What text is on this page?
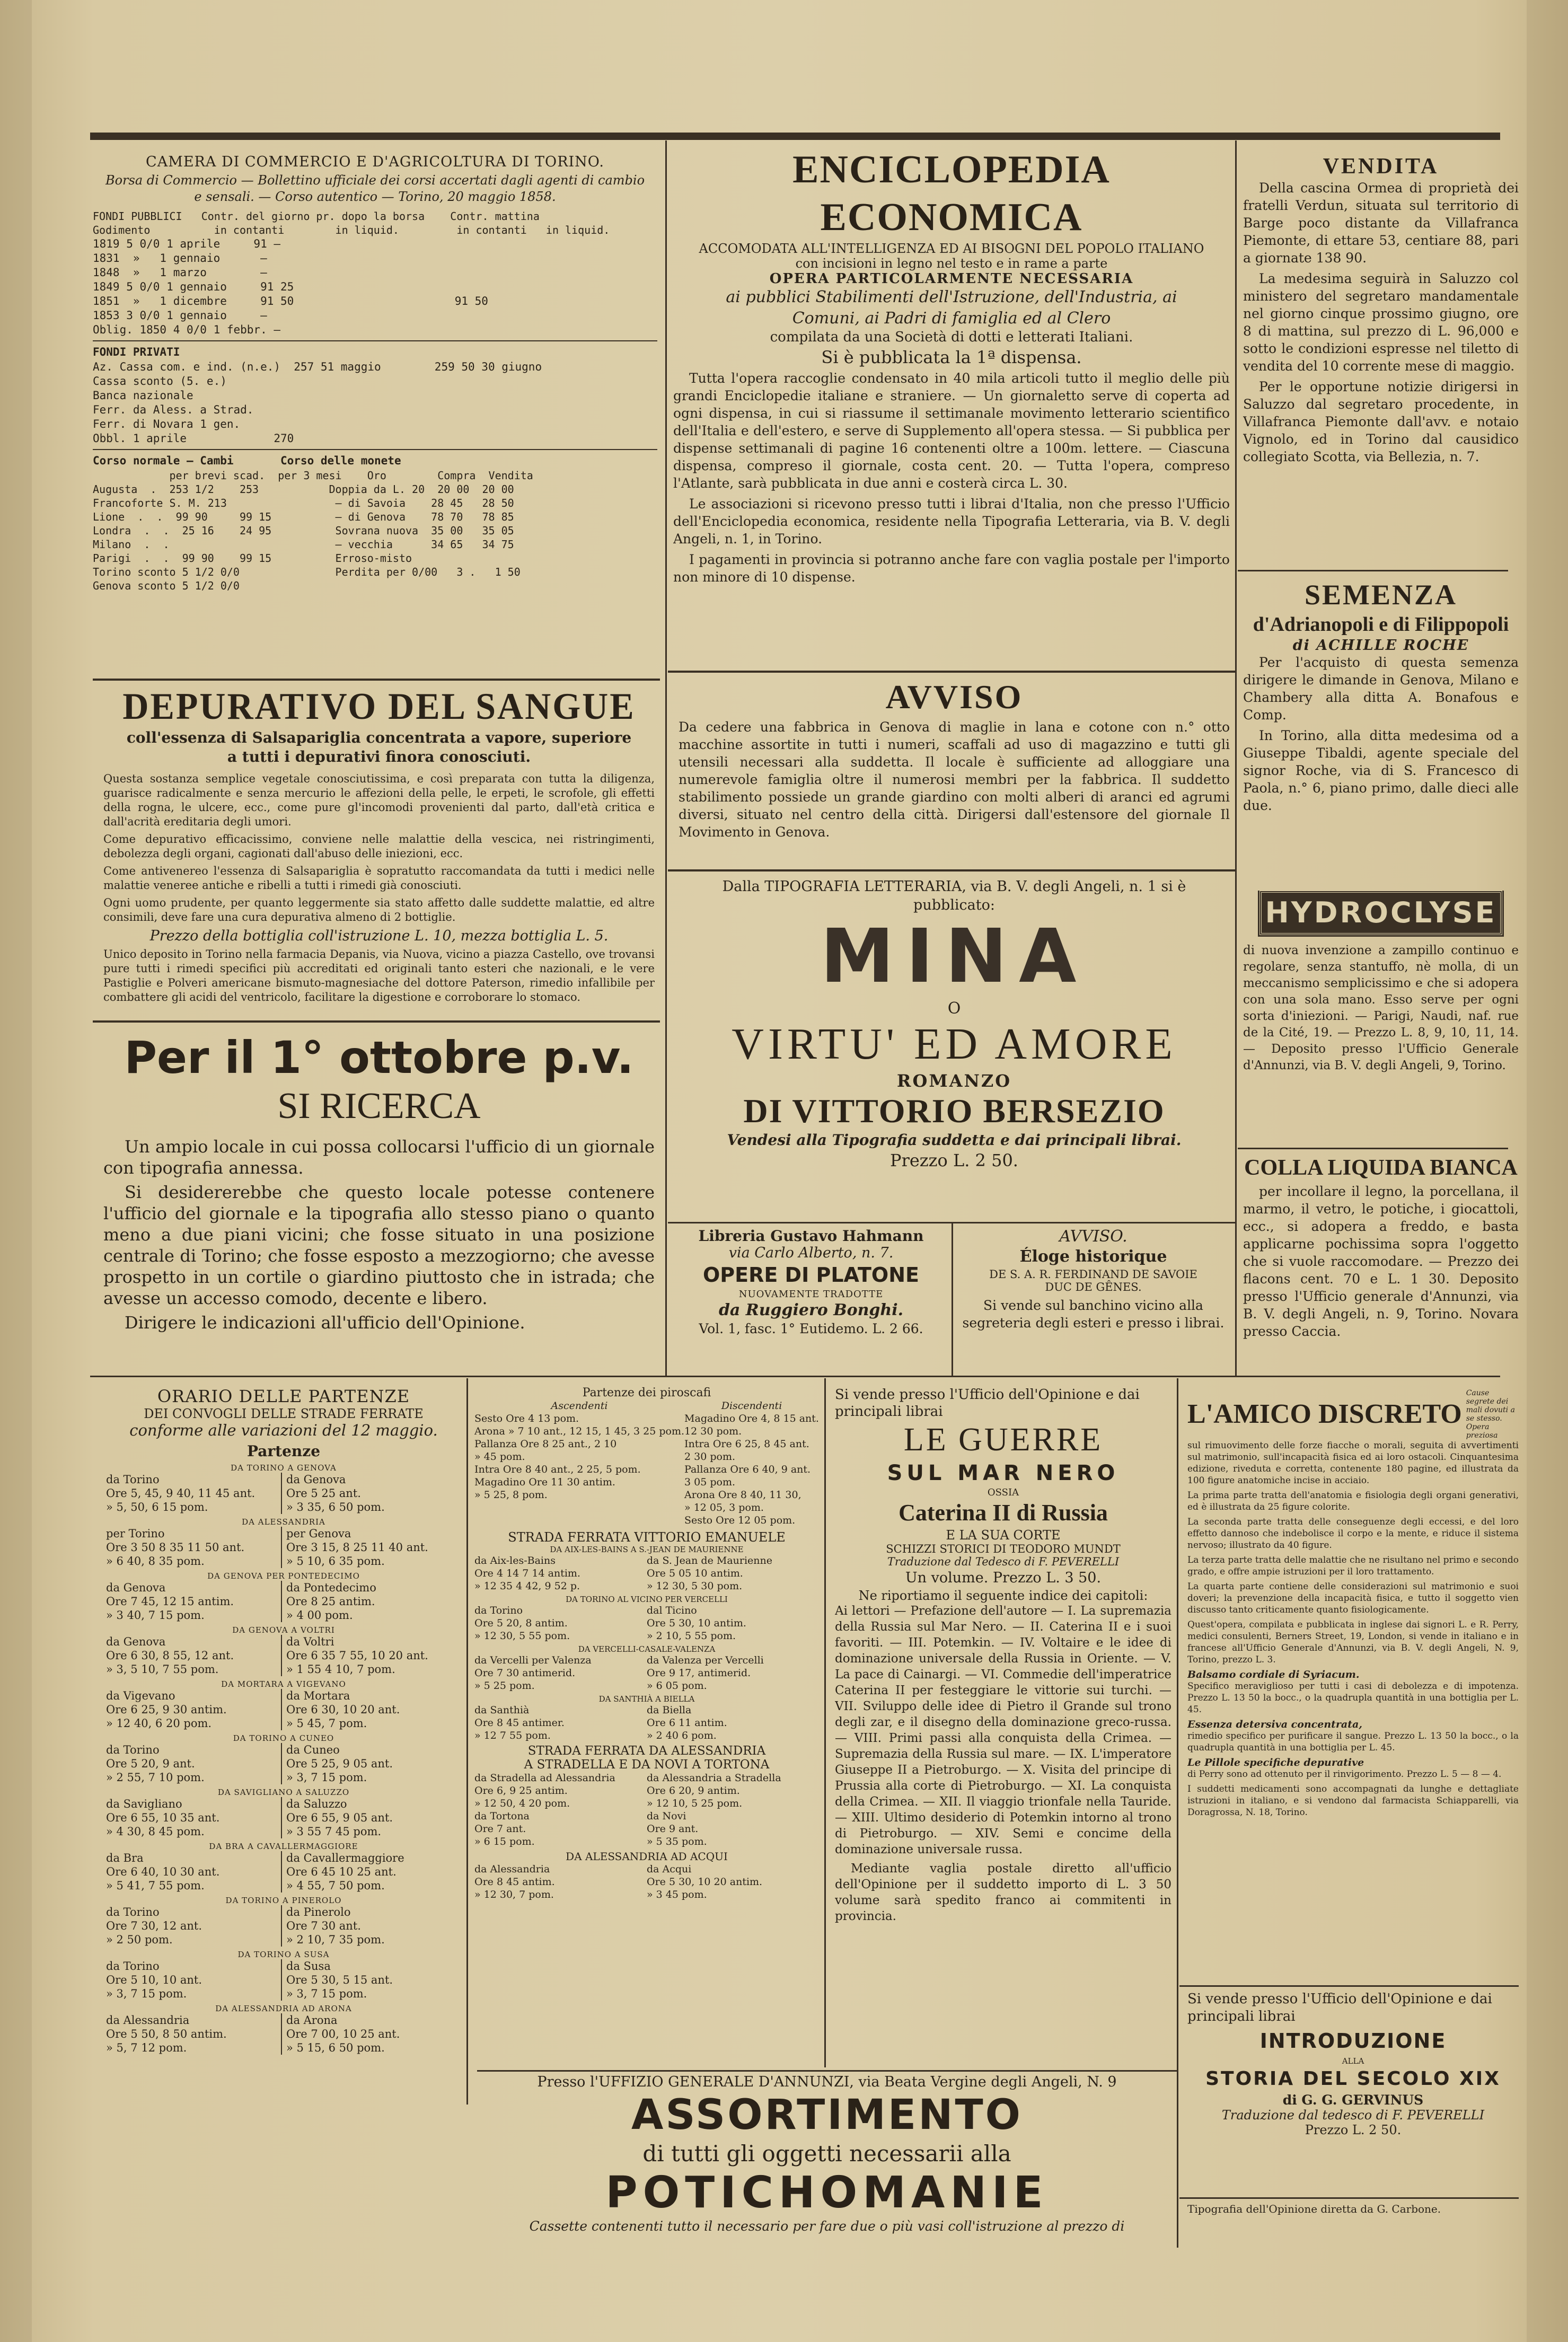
CAMERA DI COMMERCIO E D'AGRICOLTURA DI TORINO.
Borsa di Commercio — Bollettino ufficiale dei corsi accertati dagli agenti di cambio e sensali. — Corso autentico — Torino, 20 maggio 1858.
FONDI PUBBLICI   Contr. del giorno pr. dopo la borsa    Contr. mattina
Godimento          in contanti        in liquid.         in contanti   in liquid.
1819 5 0/0 1 aprile     91 —
1831  »   1 gennaio      —
1848  »   1 marzo        —
1849 5 0/0 1 gennaio     91 25
1851  »   1 dicembre     91 50                        91 50
1853 3 0/0 1 gennaio     —
Oblig. 1850 4 0/0 1 febbr. —
FONDI PRIVATI
Az. Cassa com. e ind. (n.e.)  257 51 maggio        259 50 30 giugno
Cassa sconto (5. e.)
Banca nazionale
Ferr. da Aless. a Strad.
Ferr. di Novara 1 gen.
Obbl. 1 aprile             270
Corso normale — Cambi       Corso delle monete
per brevi scad.  per 3 mesi    Oro        Compra  Vendita
Augusta  .  253 1/2    253           Doppia da L. 20  20 00  20 00
Francoforte S. M. 213                 — di Savoia    28 45   28 50
Lione  .  .  99 90     99 15          — di Genova    78 70   78 85
Londra  .  .  25 16    24 95          Sovrana nuova  35 00   35 05
Milano  .  .                          — vecchia      34 65   34 75
Parigi  .  .  99 90    99 15          Erroso-misto
Torino sconto 5 1/2 0/0               Perdita per 0/00   3 .   1 50
Genova sconto 5 1/2 0/0
DEPURATIVO DEL SANGUE
coll'essenza di Salsapariglia concentrata a vapore, superiore a tutti i depurativi finora conosciuti.

Questa sostanza semplice vegetale conosciutissima, e così preparata con tutta la diligenza, guarisce radicalmente e senza mercurio le affezioni della pelle, le erpeti, le scrofole, gli effetti della rogna, le ulcere, ecc., come pure gl'incomodi provenienti dal parto, dall'età critica e dall'acrità ereditaria degli umori.

Come depurativo efficacissimo, conviene nelle malattie della vescica, nei ristringimenti, debolezza degli organi, cagionati dall'abuso delle iniezioni, ecc.

Come antivenereo l'essenza di Salsapariglia è sopratutto raccomandata da tutti i medici nelle malattie veneree antiche e ribelli a tutti i rimedi già conosciuti.

Ogni uomo prudente, per quanto leggermente sia stato affetto dalle suddette malattie, ed altre consimili, deve fare una cura depurativa almeno di 2 bottiglie.

Prezzo della bottiglia coll'istruzione L. 10, mezza bottiglia L. 5.

Unico deposito in Torino nella farmacia Depanis, via Nuova, vicino a piazza Castello, ove trovansi pure tutti i rimedi specifici più accreditati ed originali tanto esteri che nazionali, e le vere Pastiglie e Polveri americane bismuto-magnesiache del dottore Paterson, rimedio infallibile per combattere gli acidi del ventricolo, facilitare la digestione e corroborare lo stomaco.

Per il 1° ottobre p.v.
SI RICERCA

Un ampio locale in cui possa collocarsi l'ufficio di un giornale con tipografia annessa.

Si desidererebbe che questo locale potesse contenere l'ufficio del giornale e la tipografia allo stesso piano o quanto meno a due piani vicini; che fosse situato in una posizione centrale di Torino; che fosse esposto a mezzogiorno; che avesse prospetto in un cortile o giardino piuttosto che in istrada; che avesse un accesso comodo, decente e libero.

Dirigere le indicazioni all'ufficio dell'Opinione.

ENCICLOPEDIA ECONOMICA
ACCOMODATA ALL'INTELLIGENZA ED AI BISOGNI DEL POPOLO ITALIANO
con incisioni in legno nel testo e in rame a parte
OPERA PARTICOLARMENTE NECESSARIA
ai pubblici Stabilimenti dell'Istruzione, dell'Industria, ai Comuni, ai Padri di famiglia ed al Clero
compilata da una Società di dotti e letterati Italiani.
Si è pubblicata la 1ª dispensa.

Tutta l'opera raccoglie condensato in 40 mila articoli tutto il meglio delle più grandi Enciclopedie italiane e straniere. — Un giornaletto serve di coperta ad ogni dispensa, in cui si riassume il settimanale movimento letterario scientifico dell'Italia e dell'estero, e serve di Supplemento all'opera stessa. — Si pubblica per dispense settimanali di pagine 16 contenenti oltre a 100m. lettere. — Ciascuna dispensa, compreso il giornale, costa cent. 20. — Tutta l'opera, compreso l'Atlante, sarà pubblicata in due anni e costerà circa L. 30.

Le associazioni si ricevono presso tutti i librai d'Italia, non che presso l'Ufficio dell'Enciclopedia economica, residente nella Tipografia Letteraria, via B. V. degli Angeli, n. 1, in Torino.

I pagamenti in provincia si potranno anche fare con vaglia postale per l'importo non minore di 10 dispense.

AVVISO

Da cedere una fabbrica in Genova di maglie in lana e cotone con n.° otto macchine assortite in tutti i numeri, scaffali ad uso di magazzino e tutti gli utensili necessari alla suddetta. Il locale è sufficiente ad alloggiare una numerevole famiglia oltre il numerosi membri per la fabbrica. Il suddetto stabilimento possiede un grande giardino con molti alberi di aranci ed agrumi diversi, situato nel centro della città. Dirigersi dall'estensore del giornale Il Movimento in Genova.

Dalla TIPOGRAFIA LETTERARIA, via B. V. degli Angeli, n. 1 si è pubblicato:
MINA
O
VIRTU' ED AMORE
ROMANZO
DI VITTORIO BERSEZIO
Vendesi alla Tipografia suddetta e dai principali librai.
Prezzo L. 2 50.
Libreria Gustavo Hahmann
via Carlo Alberto, n. 7.
OPERE DI PLATONE
NUOVAMENTE TRADOTTE
da Ruggiero Bonghi.
Vol. 1, fasc. 1° Eutidemo. L. 2 66.
AVVISO.
Éloge historique
DE S. A. R. FERDINAND DE SAVOIE
DUC DE GÊNES.
Si vende sul banchino vicino alla segreteria degli esteri e presso i librai.
VENDITA

Della cascina Ormea di proprietà dei fratelli Verdun, situata sul territorio di Barge poco distante da Villafranca Piemonte, di ettare 53, centiare 88, pari a giornate 138 90.

La medesima seguirà in Saluzzo col ministero del segretaro mandamentale nel giorno cinque prossimo giugno, ore 8 di mattina, sul prezzo di L. 96,000 e sotto le condizioni espresse nel tiletto di vendita del 10 corrente mese di maggio.

Per le opportune notizie dirigersi in Saluzzo dal segretaro procedente, in Villafranca Piemonte dall'avv. e notaio Vignolo, ed in Torino dal causidico collegiato Scotta, via Bellezia, n. 7.

SEMENZA
d'Adrianopoli e di Filippopoli
di ACHILLE ROCHE

Per l'acquisto di questa semenza dirigere le dimande in Genova, Milano e Chambery alla ditta A. Bonafous e Comp.

In Torino, alla ditta medesima od a Giuseppe Tibaldi, agente speciale del signor Roche, via di S. Francesco di Paola, n.° 6, piano primo, dalle dieci alle due.

HYDROCLYSE

di nuova invenzione a zampillo continuo e regolare, senza stantuffo, nè molla, di un meccanismo semplicissimo e che si adopera con una sola mano. Esso serve per ogni sorta d'iniezioni. — Parigi, Naudi, naf. rue de la Cité, 19. — Prezzo L. 8, 9, 10, 11, 14. — Deposito presso l'Ufficio Generale d'Annunzi, via B. V. degli Angeli, 9, Torino.

COLLA LIQUIDA BIANCA

per incollare il legno, la porcellana, il marmo, il vetro, le potiche, i giocattoli, ecc., si adopera a freddo, e basta applicarne pochissima sopra l'oggetto che si vuole raccomodare. — Prezzo dei flacons cent. 70 e L. 1 30. Deposito presso l'Ufficio generale d'Annunzi, via B. V. degli Angeli, n. 9, Torino. Novara presso Caccia.

ORARIO DELLE PARTENZE
DEI CONVOGLI DELLE STRADE FERRATE
conforme alle variazioni del 12 maggio.
Partenze
DA TORINO A GENOVA
da Torino
Ore 5, 45, 9 40, 11 45 ant.
» 5, 50, 6 15 pom.
da Genova
Ore 5 25 ant.
» 3 35, 6 50 pom.
DA ALESSANDRIA
per Torino
Ore 3 50 8 35 11 50 ant.
» 6 40, 8 35 pom.
per Genova
Ore 3 15, 8 25 11 40 ant.
» 5 10, 6 35 pom.
DA GENOVA PER PONTEDECIMO
da Genova
Ore 7 45, 12 15 antim.
» 3 40, 7 15 pom.
da Pontedecimo
Ore 8 25 antim.
» 4 00 pom.
DA GENOVA A VOLTRI
da Genova
Ore 6 30, 8 55, 12 ant.
» 3, 5 10, 7 55 pom.
da Voltri
Ore 6 35 7 55, 10 20 ant.
» 1 55 4 10, 7 pom.
DA MORTARA A VIGEVANO
da Vigevano
Ore 6 25, 9 30 antim.
» 12 40, 6 20 pom.
da Mortara
Ore 6 30, 10 20 ant.
» 5 45, 7 pom.
DA TORINO A CUNEO
da Torino
Ore 5 20, 9 ant.
» 2 55, 7 10 pom.
da Cuneo
Ore 5 25, 9 05 ant.
» 3, 7 15 pom.
DA SAVIGLIANO A SALUZZO
da Savigliano
Ore 6 55, 10 35 ant.
» 4 30, 8 45 pom.
da Saluzzo
Ore 6 55, 9 05 ant.
» 3 55 7 45 pom.
DA BRA A CAVALLERMAGGIORE
da Bra
Ore 6 40, 10 30 ant.
» 5 41, 7 55 pom.
da Cavallermaggiore
Ore 6 45 10 25 ant.
» 4 55, 7 50 pom.
DA TORINO A PINEROLO
da Torino
Ore 7 30, 12 ant.
» 2 50 pom.
da Pinerolo
Ore 7 30 ant.
» 2 10, 7 35 pom.
DA TORINO A SUSA
da Torino
Ore 5 10, 10 ant.
» 3, 7 15 pom.
da Susa
Ore 5 30, 5 15 ant.
» 3, 7 15 pom.
DA ALESSANDRIA AD ARONA
da Alessandria
Ore 5 50, 8 50 antim.
» 5, 7 12 pom.
da Arona
Ore 7 00, 10 25 ant.
» 5 15, 6 50 pom.
Partenze dei piroscafi
Ascendenti
Sesto Ore 4 13 pom.
Arona » 7 10 ant., 12 15, 1 45, 3 25 pom.
Pallanza Ore 8 25 ant., 2 10
» 45 pom.
Intra Ore 8 40 ant., 2 25, 5 pom.
Magadino Ore 11 30 antim.
» 5 25, 8 pom.
Discendenti
Magadino Ore 4, 8 15 ant.
12 30 pom.
Intra Ore 6 25, 8 45 ant.
2 30 pom.
Pallanza Ore 6 40, 9 ant.
3 05 pom.
Arona Ore 8 40, 11 30,
» 12 05, 3 pom.
Sesto Ore 12 05 pom.
STRADA FERRATA VITTORIO EMANUELE
DA AIX-LES-BAINS A S.-JEAN DE MAURIENNE
da Aix-les-Bains
Ore 4 14 7 14 antim.
» 12 35 4 42, 9 52 p.
da S. Jean de Maurienne
Ore 5 05 10 antim.
» 12 30, 5 30 pom.
DA TORINO AL VICINO PER VERCELLI
da Torino
Ore 5 20, 8 antim.
» 12 30, 5 55 pom.
dal Ticino
Ore 5 30, 10 antim.
» 2 10, 5 55 pom.
DA VERCELLI-CASALE-VALENZA
da Vercelli per Valenza
Ore 7 30 antimerid.
» 5 25 pom.
da Valenza per Vercelli
Ore 9 17, antimerid.
» 6 05 pom.
DA SANTHIÀ A BIELLA
da Santhià
Ore 8 45 antimer.
» 12 7 55 pom.
da Biella
Ore 6 11 antim.
» 2 40 6 pom.
STRADA FERRATA DA ALESSANDRIA
A STRADELLA E DA NOVI A TORTONA
da Stradella ad Alessandria
Ore 6, 9 25 antim.
» 12 50, 4 20 pom.
da Tortona
Ore 7 ant.
» 6 15 pom.
da Alessandria a Stradella
Ore 6 20, 9 antim.
» 12 10, 5 25 pom.
da Novi
Ore 9 ant.
» 5 35 pom.
DA ALESSANDRIA AD ACQUI
da Alessandria
Ore 8 45 antim.
» 12 30, 7 pom.
da Acqui
Ore 5 30, 10 20 antim.
» 3 45 pom.
Si vende presso l'Ufficio dell'Opinione e dai principali librai
LE GUERRE
SUL MAR NERO
OSSIA
Caterina II di Russia
E LA SUA CORTE
SCHIZZI STORICI DI TEODORO MUNDT
Traduzione dal Tedesco di F. PEVERELLI
Un volume. Prezzo L. 3 50.
Ne riportiamo il seguente indice dei capitoli:

Ai lettori — Prefazione dell'autore — I. La supremazia della Russia sul Mar Nero. — II. Caterina II e i suoi favoriti. — III. Potemkin. — IV. Voltaire e le idee di dominazione universale della Russia in Oriente. — V. La pace di Cainargi. — VI. Commedie dell'imperatrice Caterina II per festeggiare le vittorie sui turchi. — VII. Sviluppo delle idee di Pietro il Grande sul trono degli zar, e il disegno della dominazione greco-russa. — VIII. Primi passi alla conquista della Crimea. — Supremazia della Russia sul mare. — IX. L'imperatore Giuseppe II a Pietroburgo. — X. Visita del principe di Prussia alla corte di Pietroburgo. — XI. La conquista della Crimea. — XII. Il viaggio trionfale nella Tauride. — XIII. Ultimo desiderio di Potemkin intorno al trono di Pietroburgo. — XIV. Semi e concime della dominazione universale russa.

Mediante vaglia postale diretto all'ufficio dell'Opinione per il suddetto importo di L. 3 50 volume sarà spedito franco ai commitenti in provincia.

L'AMICO DISCRETO
Cause segrete dei mali dovuti a se stesso. Opera preziosa

sul rimuovimento delle forze fiacche o morali, seguita di avvertimenti sul matrimonio, sull'incapacità fisica ed ai loro ostacoli. Cinquantesima edizione, riveduta e corretta, contenente 180 pagine, ed illustrata da 100 figure anatomiche incise in acciaio.

La prima parte tratta dell'anatomia e fisiologia degli organi generativi, ed è illustrata da 25 figure colorite.

La seconda parte tratta delle conseguenze degli eccessi, e del loro effetto dannoso che indebolisce il corpo e la mente, e riduce il sistema nervoso; illustrato da 40 figure.

La terza parte tratta delle malattie che ne risultano nel primo e secondo grado, e offre ampie istruzioni per il loro trattamento.

La quarta parte contiene delle considerazioni sul matrimonio e suoi doveri; la prevenzione della incapacità fisica, e tutto il soggetto vien discusso tanto criticamente quanto fisiologicamente.

Quest'opera, compilata e pubblicata in inglese dai signori L. e R. Perry, medici consulenti, Berners Street, 19, London, si vende in italiano e in francese all'Ufficio Generale d'Annunzi, via B. V. degli Angeli, N. 9, Torino, prezzo L. 3.

Balsamo cordiale di Syriacum.

Specifico meraviglioso per tutti i casi di debolezza e di impotenza. Prezzo L. 13 50 la bocc., o la quadrupla quantità in una bottiglia per L. 45.

Essenza detersiva concentrata,

rimedio specifico per purificare il sangue. Prezzo L. 13 50 la bocc., o la quadrupla quantità in una bottiglia per L. 45.

Le Pillole specifiche depurative

di Perry sono ad ottenuto per il rinvigorimento. Prezzo L. 5 — 8 — 4.

I suddetti medicamenti sono accompagnati da lunghe e dettagliate istruzioni in italiano, e si vendono dal farmacista Schiapparelli, via Doragrossa, N. 18, Torino.

Si vende presso l'Ufficio dell'Opinione e dai principali librai
INTRODUZIONE
ALLA
STORIA DEL SECOLO XIX
di G. G. GERVINUS
Traduzione dal tedesco di F. PEVERELLI
Prezzo L. 2 50.
Tipografia dell'Opinione diretta da G. Carbone.
Presso l'UFFIZIO GENERALE D'ANNUNZI, via Beata Vergine degli Angeli, N. 9
ASSORTIMENTO
di tutti gli oggetti necessarii alla
POTICHOMANIE
Cassette contenenti tutto il necessario per fare due o più vasi coll'istruzione al prezzo di
